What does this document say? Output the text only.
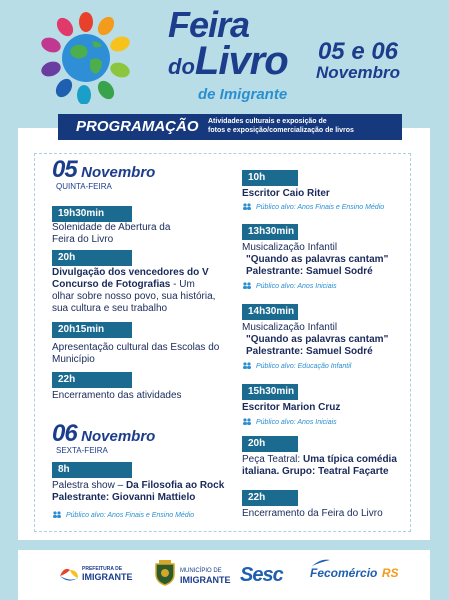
Feira
doLivro
de Imigrante
05 e 06
Novembro
PROGRAMAÇÃO Atividades culturais e exposição de
fotos e exposição/comercialização de livros
05 Novembro
QUINTA-FEIRA
19h30min
Solenidade de Abertura da Feira do Livro
20h
Divulgação dos vencedores do V Concurso de Fotografias - Um olhar sobre nosso povo, sua história, sua cultura e seu trabalho
20h15min
Apresentação cultural das Escolas do Município
22h
Encerramento das atividades
06 Novembro
SEXTA-FEIRA
8h
Palestra show – Da Filosofia ao Rock
Palestrante: Giovanni Mattielo
Público alvo: Anos Finais e Ensino Médio
10h
Escritor Caio Riter
Público alvo: Anos Finais e Ensino Médio
13h30min
Musicalização Infantil
"Quando as palavras cantam"
Palestrante: Samuel Sodré
Público alvo: Anos Iniciais
14h30min
Musicalização Infantil
"Quando as palavras cantam"
Palestrante: Samuel Sodré
Público alvo: Educação Infantil
15h30min
Escritor Marion Cruz
Público alvo: Anos Iniciais
20h
Peça Teatral: Uma típica comédia italiana. Grupo: Teatral Façarte
22h
Encerramento da Feira do Livro
PREFEITURA DE
IMIGRANTE
MUNICÍPIO DE
IMIGRANTE Sesc Fecomércio RS
